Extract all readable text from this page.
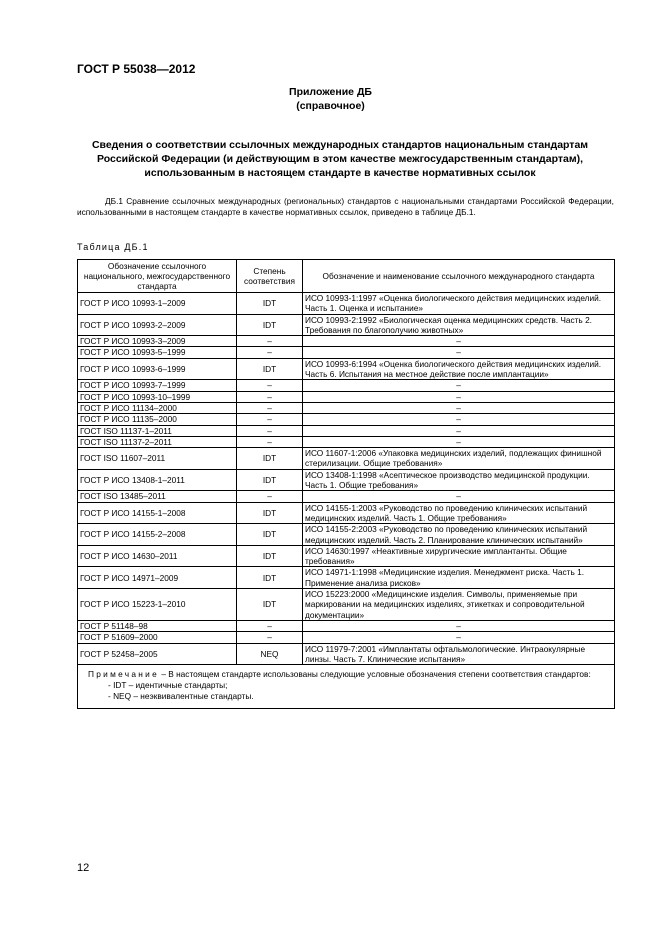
ГОСТ Р 55038—2012
Приложение ДБ
(справочное)
Сведения о соответствии ссылочных международных стандартов национальным стандартам
Российской Федерации (и действующим в этом качестве межгосударственным стандартам),
использованным в настоящем стандарте в качестве нормативных ссылок
ДБ.1 Сравнение ссылочных международных (региональных) стандартов с национальными стандартами Российской Федерации, использованными в настоящем стандарте в качестве нормативных ссылок, приведено в таблице ДБ.1.
Таблица ДБ.1
Обозначение ссылочного национального, межгосударственного стандарта	Степень соответствия	Обозначение и наименование ссылочного международного стандарта
ГОСТ Р ИСО 10993-1–2009	IDT	ИСО 10993-1:1997 «Оценка биологического действия медицинских изделий. Часть 1. Оценка и испытание»
ГОСТ Р ИСО 10993-2–2009	IDT	ИСО 10993-2:1992 «Биологическая оценка медицинских средств. Часть 2. Требования по благополучию животных»
ГОСТ Р ИСО 10993-3–2009	–	–
ГОСТ Р ИСО 10993-5–1999	–	–
ГОСТ Р ИСО 10993-6–1999	IDT	ИСО 10993-6:1994 «Оценка биологического действия медицинских изделий. Часть 6. Испытания на местное действие после имплантации»
ГОСТ Р ИСО 10993-7–1999	–	–
ГОСТ Р ИСО 10993-10–1999	–	–
ГОСТ Р ИСО 11134–2000	–	–
ГОСТ Р ИСО 11135–2000	–	–
ГОСТ ISO 11137-1–2011	–	–
ГОСТ ISO 11137-2–2011	–	–
ГОСТ ISO 11607–2011	IDT	ИСО 11607-1:2006 «Упаковка медицинских изделий, подлежащих финишной стерилизации. Общие требования»
ГОСТ Р ИСО 13408-1–2011	IDT	ИСО 13408-1:1998 «Асептическое производство медицинской продукции. Часть 1. Общие требования»
ГОСТ ISO 13485–2011	–	–
ГОСТ Р ИСО 14155-1–2008	IDT	ИСО 14155-1:2003 «Руководство по проведению клинических испытаний медицинских изделий. Часть 1. Общие требования»
ГОСТ Р ИСО 14155-2–2008	IDT	ИСО 14155-2:2003 «Руководство по проведению клинических испытаний медицинских изделий. Часть 2. Планирование клинических испытаний»
ГОСТ Р ИСО 14630–2011	IDT	ИСО 14630:1997 «Неактивные хирургические имплантанты. Общие требования»
ГОСТ Р ИСО 14971–2009	IDT	ИСО 14971-1:1998 «Медицинские изделия. Менеджмент риска. Часть 1. Применение анализа рисков»
ГОСТ Р ИСО 15223-1–2010	IDT	ИСО 15223:2000 «Медицинские изделия. Символы, применяемые при маркировании на медицинских изделиях, этикетках и сопроводительной документации»
ГОСТ Р 51148–98	–	–
ГОСТ Р 51609–2000	–	–
ГОСТ Р 52458–2005	NEQ	ИСО 11979-7:2001 «Имплантаты офтальмологические. Интраокулярные линзы. Часть 7. Клинические испытания»
Примечание – В настоящем стандарте использованы следующие условные обозначения степени соответствия стандартов:
- IDT – идентичные стандарты;
- NEQ – неэквивалентные стандарты.		
12
